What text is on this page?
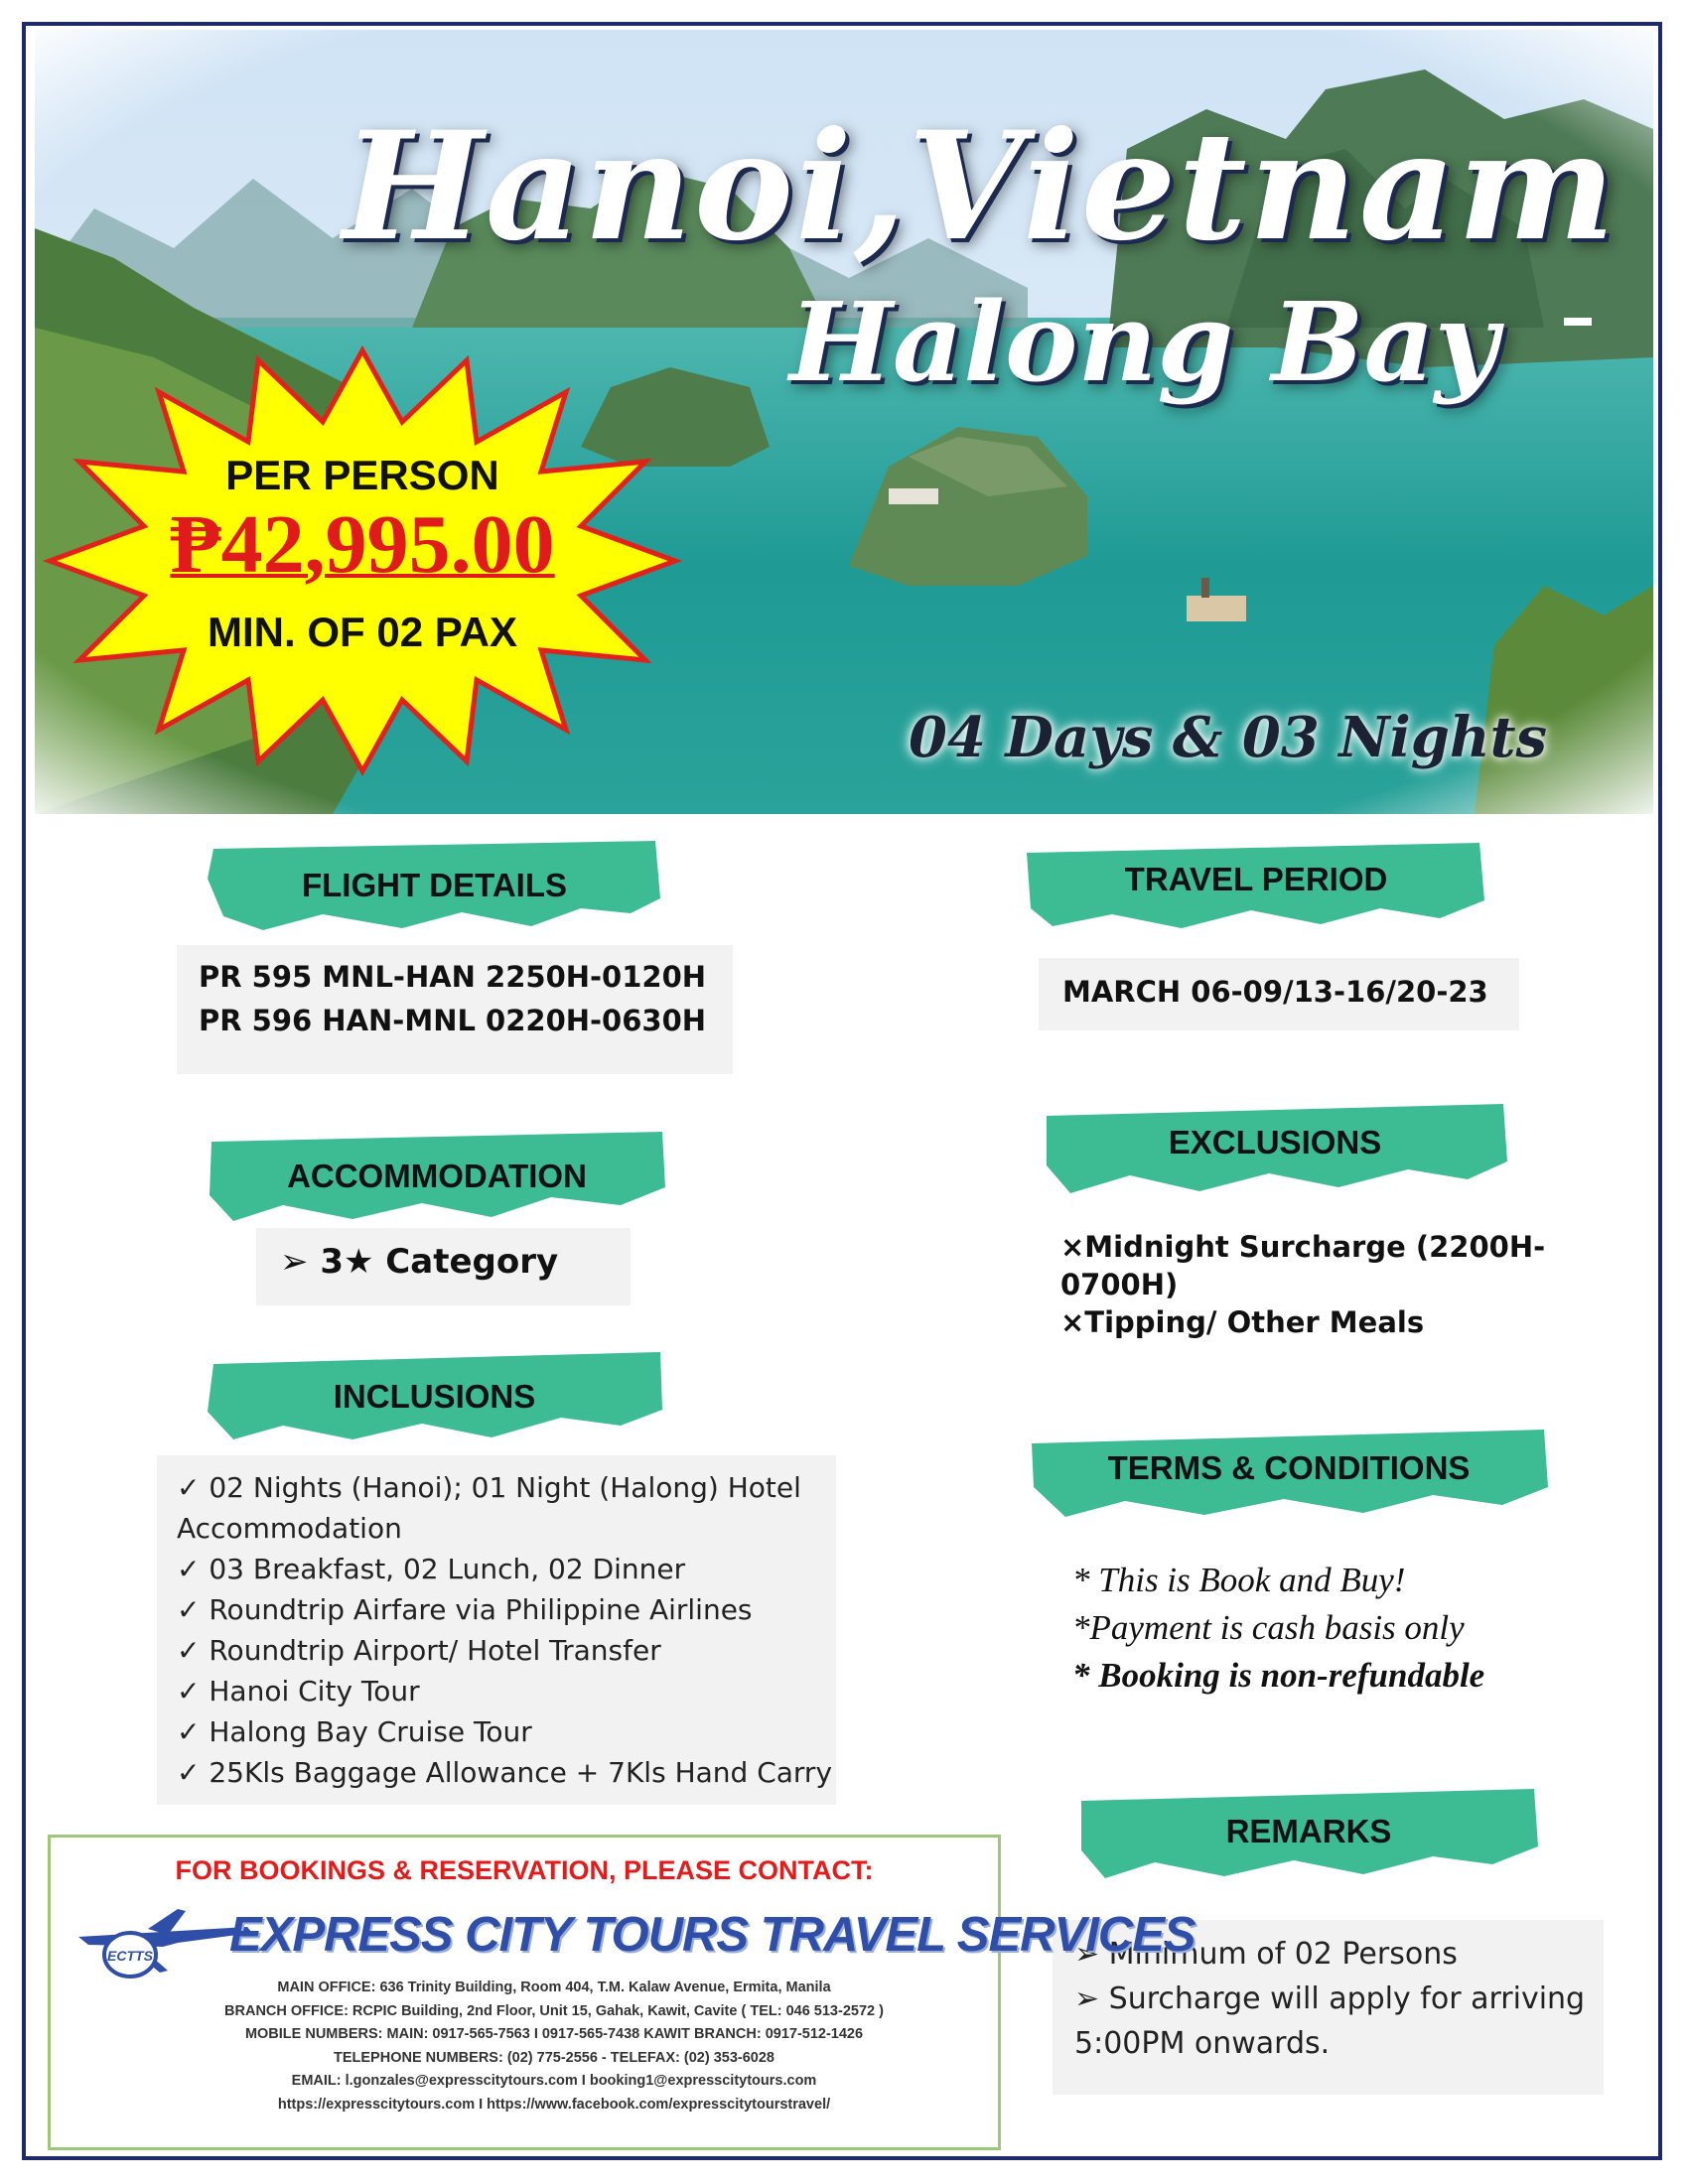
Hanoi,Vietnam
Halong Bay
04 Days & 03 Nights
PER PERSON
₱42,995.00
MIN. OF 02 PAX
FLIGHT DETAILS
PR 595 MNL-HAN 2250H-0120H
PR 596 HAN-MNL 0220H-0630H
TRAVEL PERIOD
MARCH 06-09/13-16/20-23
ACCOMMODATION
➢ 3★ Category
EXCLUSIONS
×Midnight Surcharge (2200H-
0700H)
×Tipping/ Other Meals
INCLUSIONS
✓ 02 Nights (Hanoi); 01 Night (Halong) Hotel
Accommodation
✓ 03 Breakfast, 02 Lunch, 02 Dinner
✓ Roundtrip Airfare via Philippine Airlines
✓ Roundtrip Airport/ Hotel Transfer
✓ Hanoi City Tour
✓ Halong Bay Cruise Tour
✓ 25Kls Baggage Allowance + 7Kls Hand Carry
TERMS & CONDITIONS
* This is Book and Buy!
*Payment is cash basis only
* Booking is non-refundable
REMARKS
➢ Minimum of 02 Persons
➢ Surcharge will apply for arriving
5:00PM onwards.
FOR BOOKINGS & RESERVATION, PLEASE CONTACT:
ECTTS EXPRESS CITY TOURS TRAVEL SERVICES
MAIN OFFICE: 636 Trinity Building, Room 404, T.M. Kalaw Avenue, Ermita, Manila
BRANCH OFFICE: RCPIC Building, 2nd Floor, Unit 15, Gahak, Kawit, Cavite ( TEL: 046 513-2572 )
MOBILE NUMBERS: MAIN: 0917-565-7563 I 0917-565-7438 KAWIT BRANCH: 0917-512-1426
TELEPHONE NUMBERS: (02) 775-2556 - TELEFAX: (02) 353-6028
EMAIL: l.gonzales@expresscitytours.com I booking1@expresscitytours.com
https://expresscitytours.com I https://www.facebook.com/expresscitytourstravel/
